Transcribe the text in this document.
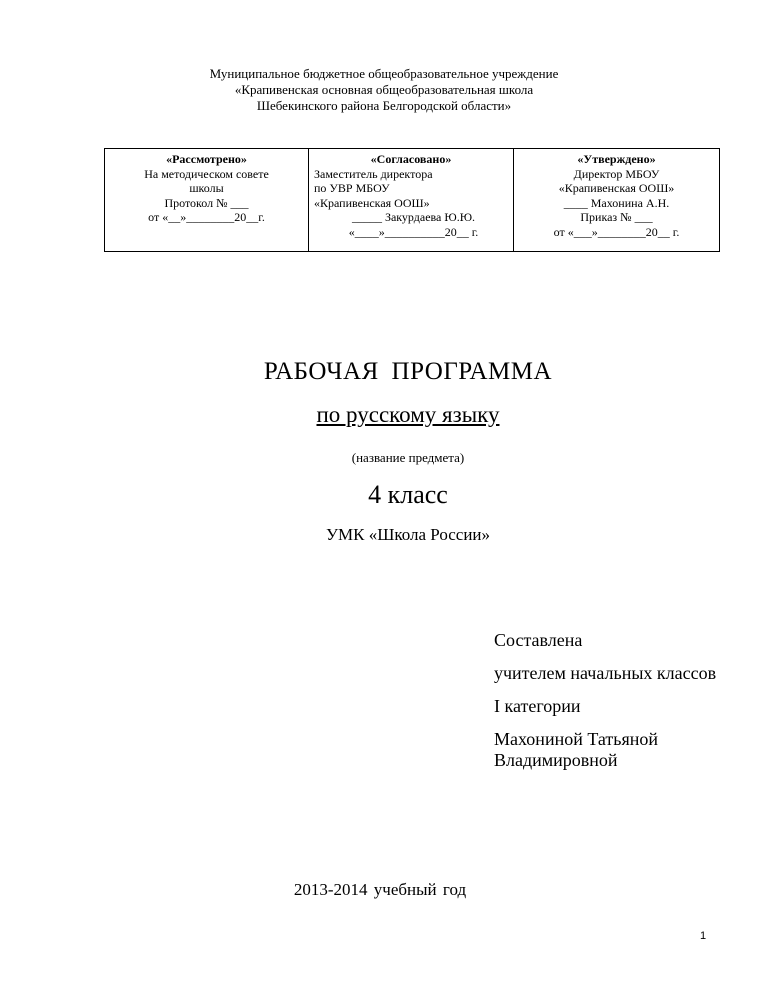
Муниципальное бюджетное общеобразовательное учреждение
«Крапивенская основная общеобразовательная школа
Шебекинского района Белгородской области»
«Рассмотрено»
На методическом совете
школы
Протокол № ___
от «__»________20__г.
«Согласовано»
Заместитель директора
по УВР МБОУ
«Крапивенская ООШ»
_____ Закурдаева Ю.Ю.
«____»__________20__ г.
«Утверждено»
Директор МБОУ
«Крапивенская ООШ»
____ Махонина А.Н.
Приказ № ___
от «___»________20__ г.
РАБОЧАЯ ПРОГРАММА
по русскому языку
(название предмета)
4 класс
УМК «Школа России»
Составлена
учителем начальных классов
I категории
Махониной Татьяной Владимировной
2013-2014 учебный год
1
